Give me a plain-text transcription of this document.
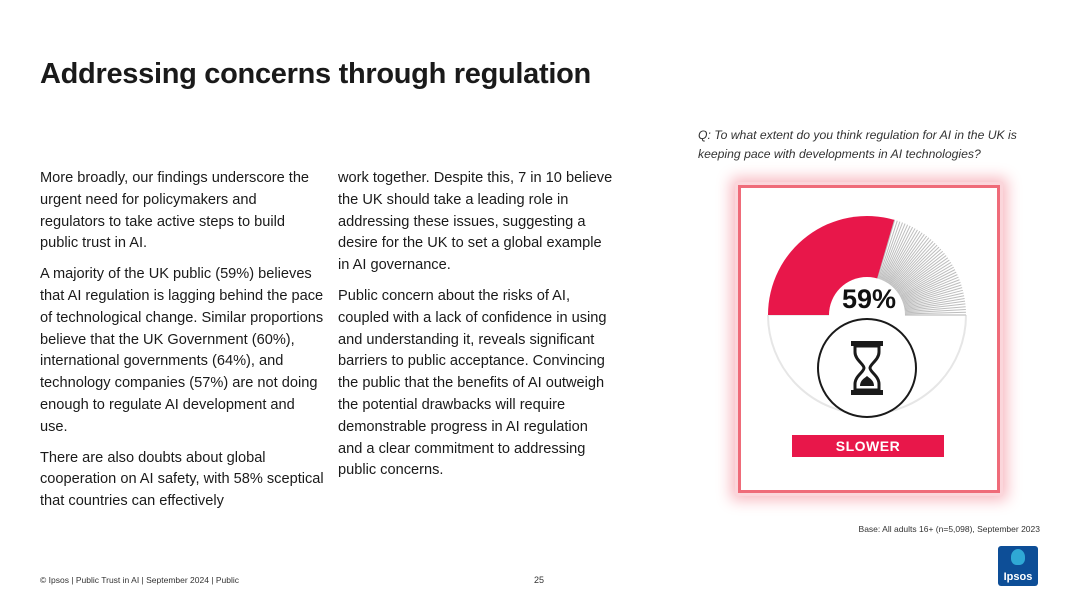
Addressing concerns through regulation

More broadly, our findings underscore the urgent need for policymakers and regulators to take active steps to build public trust in AI.

A majority of the UK public (59%) believes that AI regulation is lagging behind the pace of technological change. Similar proportions believe that the UK Government (60%), international governments (64%), and technology companies (57%) are not doing enough to regulate AI development and use.

There are also doubts about global cooperation on AI safety, with 58% sceptical that countries can effectively

work together. Despite this, 7 in 10 believe the UK should take a leading role in addressing these issues, suggesting a desire for the UK to set a global example in AI governance.

Public concern about the risks of AI, coupled with a lack of confidence in using and understanding it, reveals significant barriers to public acceptance. Convincing the public that the benefits of AI outweigh the potential drawbacks will require demonstrable progress in AI regulation and a clear commitment to addressing public concerns.

Q: To what extent do you think regulation for AI in the UK is keeping pace with developments in AI technologies?
59%
SLOWER
Base: All adults 16+ (n=5,098), September 2023
© Ipsos | Public Trust in AI | September 2024 | Public	25	Ipsos
